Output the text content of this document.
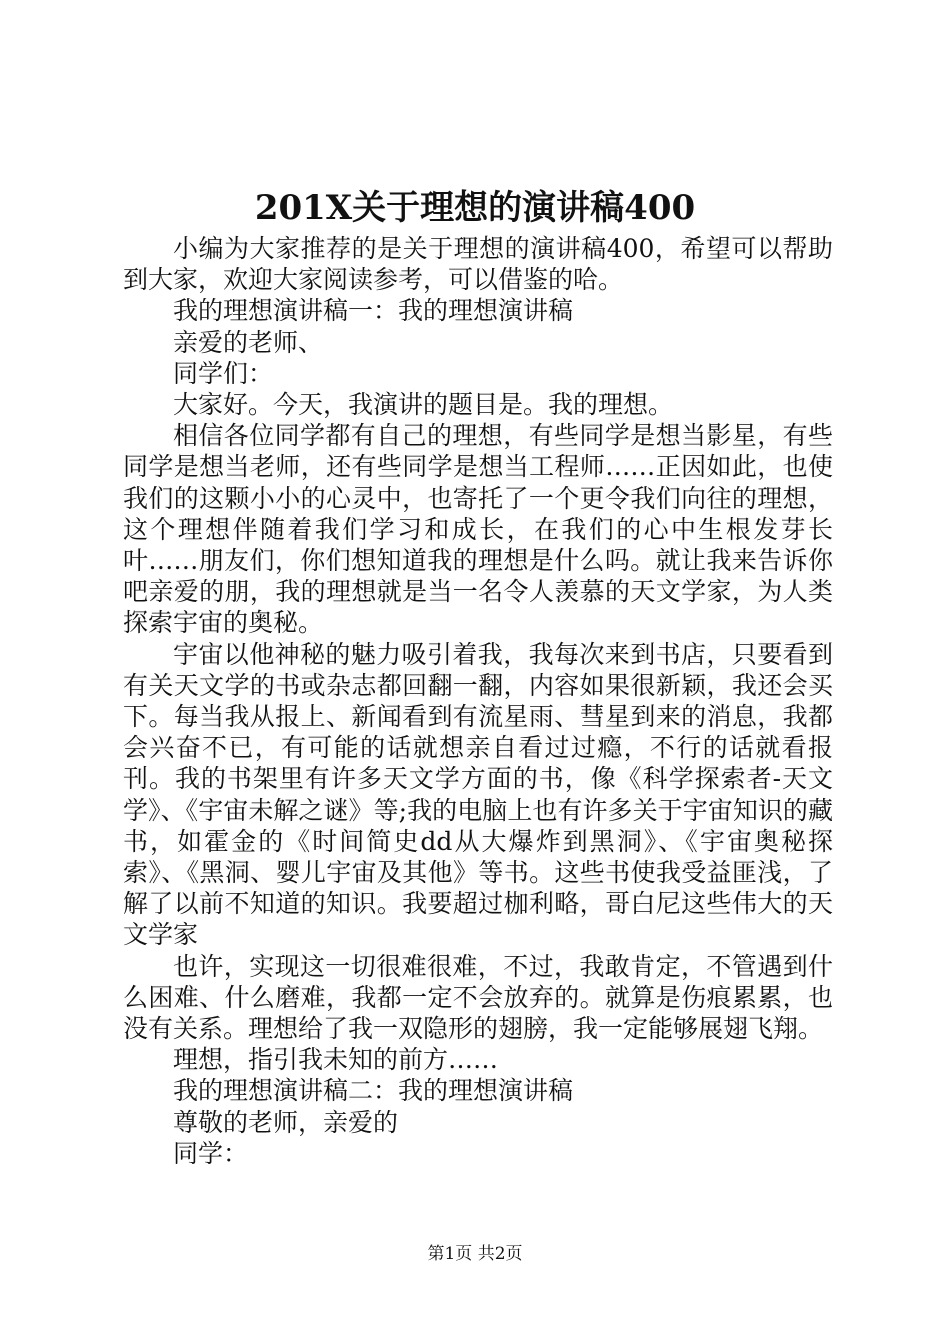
201X关于理想的演讲稿400

小编为大家推荐的是关于理想的演讲稿400，希望可以帮助到大家，欢迎大家阅读参考，可以借鉴的哈。

我的理想演讲稿一：我的理想演讲稿

亲爱的老师、

同学们：

大家好。今天，我演讲的题目是。我的理想。

相信各位同学都有自己的理想，有些同学是想当影星，有些同学是想当老师，还有些同学是想当工程师……正因如此，也使我们的这颗小小的心灵中，也寄托了一个更令我们向往的理想，这个理想伴随着我们学习和成长，在我们的心中生根发芽长叶……朋友们，你们想知道我的理想是什么吗。就让我来告诉你吧亲爱的朋，我的理想就是当一名令人羡慕的天文学家，为人类探索宇宙的奥秘。

宇宙以他神秘的魅力吸引着我，我每次来到书店，只要看到有关天文学的书或杂志都回翻一翻，内容如果很新颖，我还会买下。每当我从报上、新闻看到有流星雨、彗星到来的消息，我都会兴奋不已，有可能的话就想亲自看过过瘾，不行的话就看报刊。我的书架里有许多天文学方面的书，像《科学探索者-天文学》、《宇宙未解之谜》等;我的电脑上也有许多关于宇宙知识的藏书，如霍金的《时间简史dd从大爆炸到黑洞》、《宇宙奥秘探索》、《黑洞、婴儿宇宙及其他》等书。这些书使我受益匪浅，了解了以前不知道的知识。我要超过枷利略，哥白尼这些伟大的天文学家

也许，实现这一切很难很难，不过，我敢肯定，不管遇到什么困难、什么磨难，我都一定不会放弃的。就算是伤痕累累，也没有关系。理想给了我一双隐形的翅膀，我一定能够展翅飞翔。

理想，指引我未知的前方……

我的理想演讲稿二：我的理想演讲稿

尊敬的老师，亲爱的

同学：

第1页 共2页
